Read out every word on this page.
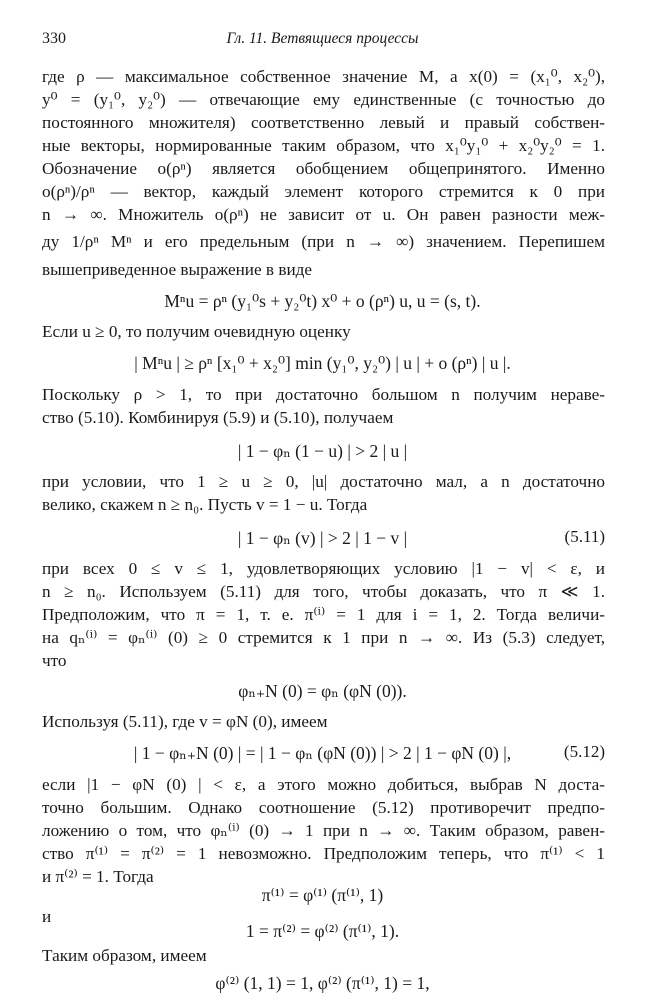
330	Гл. 11. Ветвящиеся процессы
где ρ — максимальное собственное значение M, а x(0) = (x₁⁰, x₂⁰),
y⁰ = (y₁⁰, y₂⁰) — отвечающие ему единственные (с точностью до
постоянного множителя) соответственно левый и правый собствен-
ные векторы, нормированные таким образом, что x₁⁰y₁⁰ + x₂⁰y₂⁰ = 1.
Обозначение o(ρⁿ) является обобщением общепринятого. Именно
o(ρⁿ)/ρⁿ — вектор, каждый элемент которого стремится к 0 при
n → ∞. Множитель o(ρⁿ) не зависит от u. Он равен разности меж-
ду 1/ρⁿ Mⁿ и его предельным (при n → ∞) значением. Перепишем
вышеприведенное выражение в виде
Mⁿu = ρⁿ (y₁⁰s + y₂⁰t) x⁰ + o (ρⁿ) u, u = (s, t).
Если u ≥ 0, то получим очевидную оценку
| Mⁿu | ≥ ρⁿ [x₁⁰ + x₂⁰] min (y₁⁰, y₂⁰) | u | + o (ρⁿ) | u |.
Поскольку ρ > 1, то при достаточно большом n получим нераве-
ство (5.10). Комбинируя (5.9) и (5.10), получаем
| 1 − φₙ (1 − u) | > 2 | u |
при условии, что 1 ≥ u ≥ 0, |u| достаточно мал, а n достаточно
велико, скажем n ≥ n₀. Пусть v = 1 − u. Тогда
| 1 − φₙ (v) | > 2 | 1 − v |	(5.11)
при всех 0 ≤ v ≤ 1, удовлетворяющих условию |1 − v| < ε, и
n ≥ n₀. Используем (5.11) для того, чтобы доказать, что π ≪ 1.
Предположим, что π = 1, т. е. π⁽ⁱ⁾ = 1 для i = 1, 2. Тогда величи-
на qₙ⁽ⁱ⁾ = φₙ⁽ⁱ⁾ (0) ≥ 0 стремится к 1 при n → ∞. Из (5.3) следует,
что
φₙ₊N (0) = φₙ (φN (0)).
Используя (5.11), где v = φN (0), имеем
| 1 − φₙ₊N (0) | = | 1 − φₙ (φN (0)) | > 2 | 1 − φN (0) |,	(5.12)
если |1 − φN (0) | < ε, а этого можно добиться, выбрав N доста-
точно большим. Однако соотношение (5.12) противоречит предпо-
ложению о том, что φₙ⁽ⁱ⁾ (0) → 1 при n → ∞. Таким образом, равен-
ство π⁽¹⁾ = π⁽²⁾ = 1 невозможно. Предположим теперь, что π⁽¹⁾ < 1
и π⁽²⁾ = 1. Тогда
π⁽¹⁾ = φ⁽¹⁾ (π⁽¹⁾, 1)
и
1 = π⁽²⁾ = φ⁽²⁾ (π⁽¹⁾, 1).
Таким образом, имеем
φ⁽²⁾ (1, 1) = 1, φ⁽²⁾ (π⁽¹⁾, 1) = 1,
